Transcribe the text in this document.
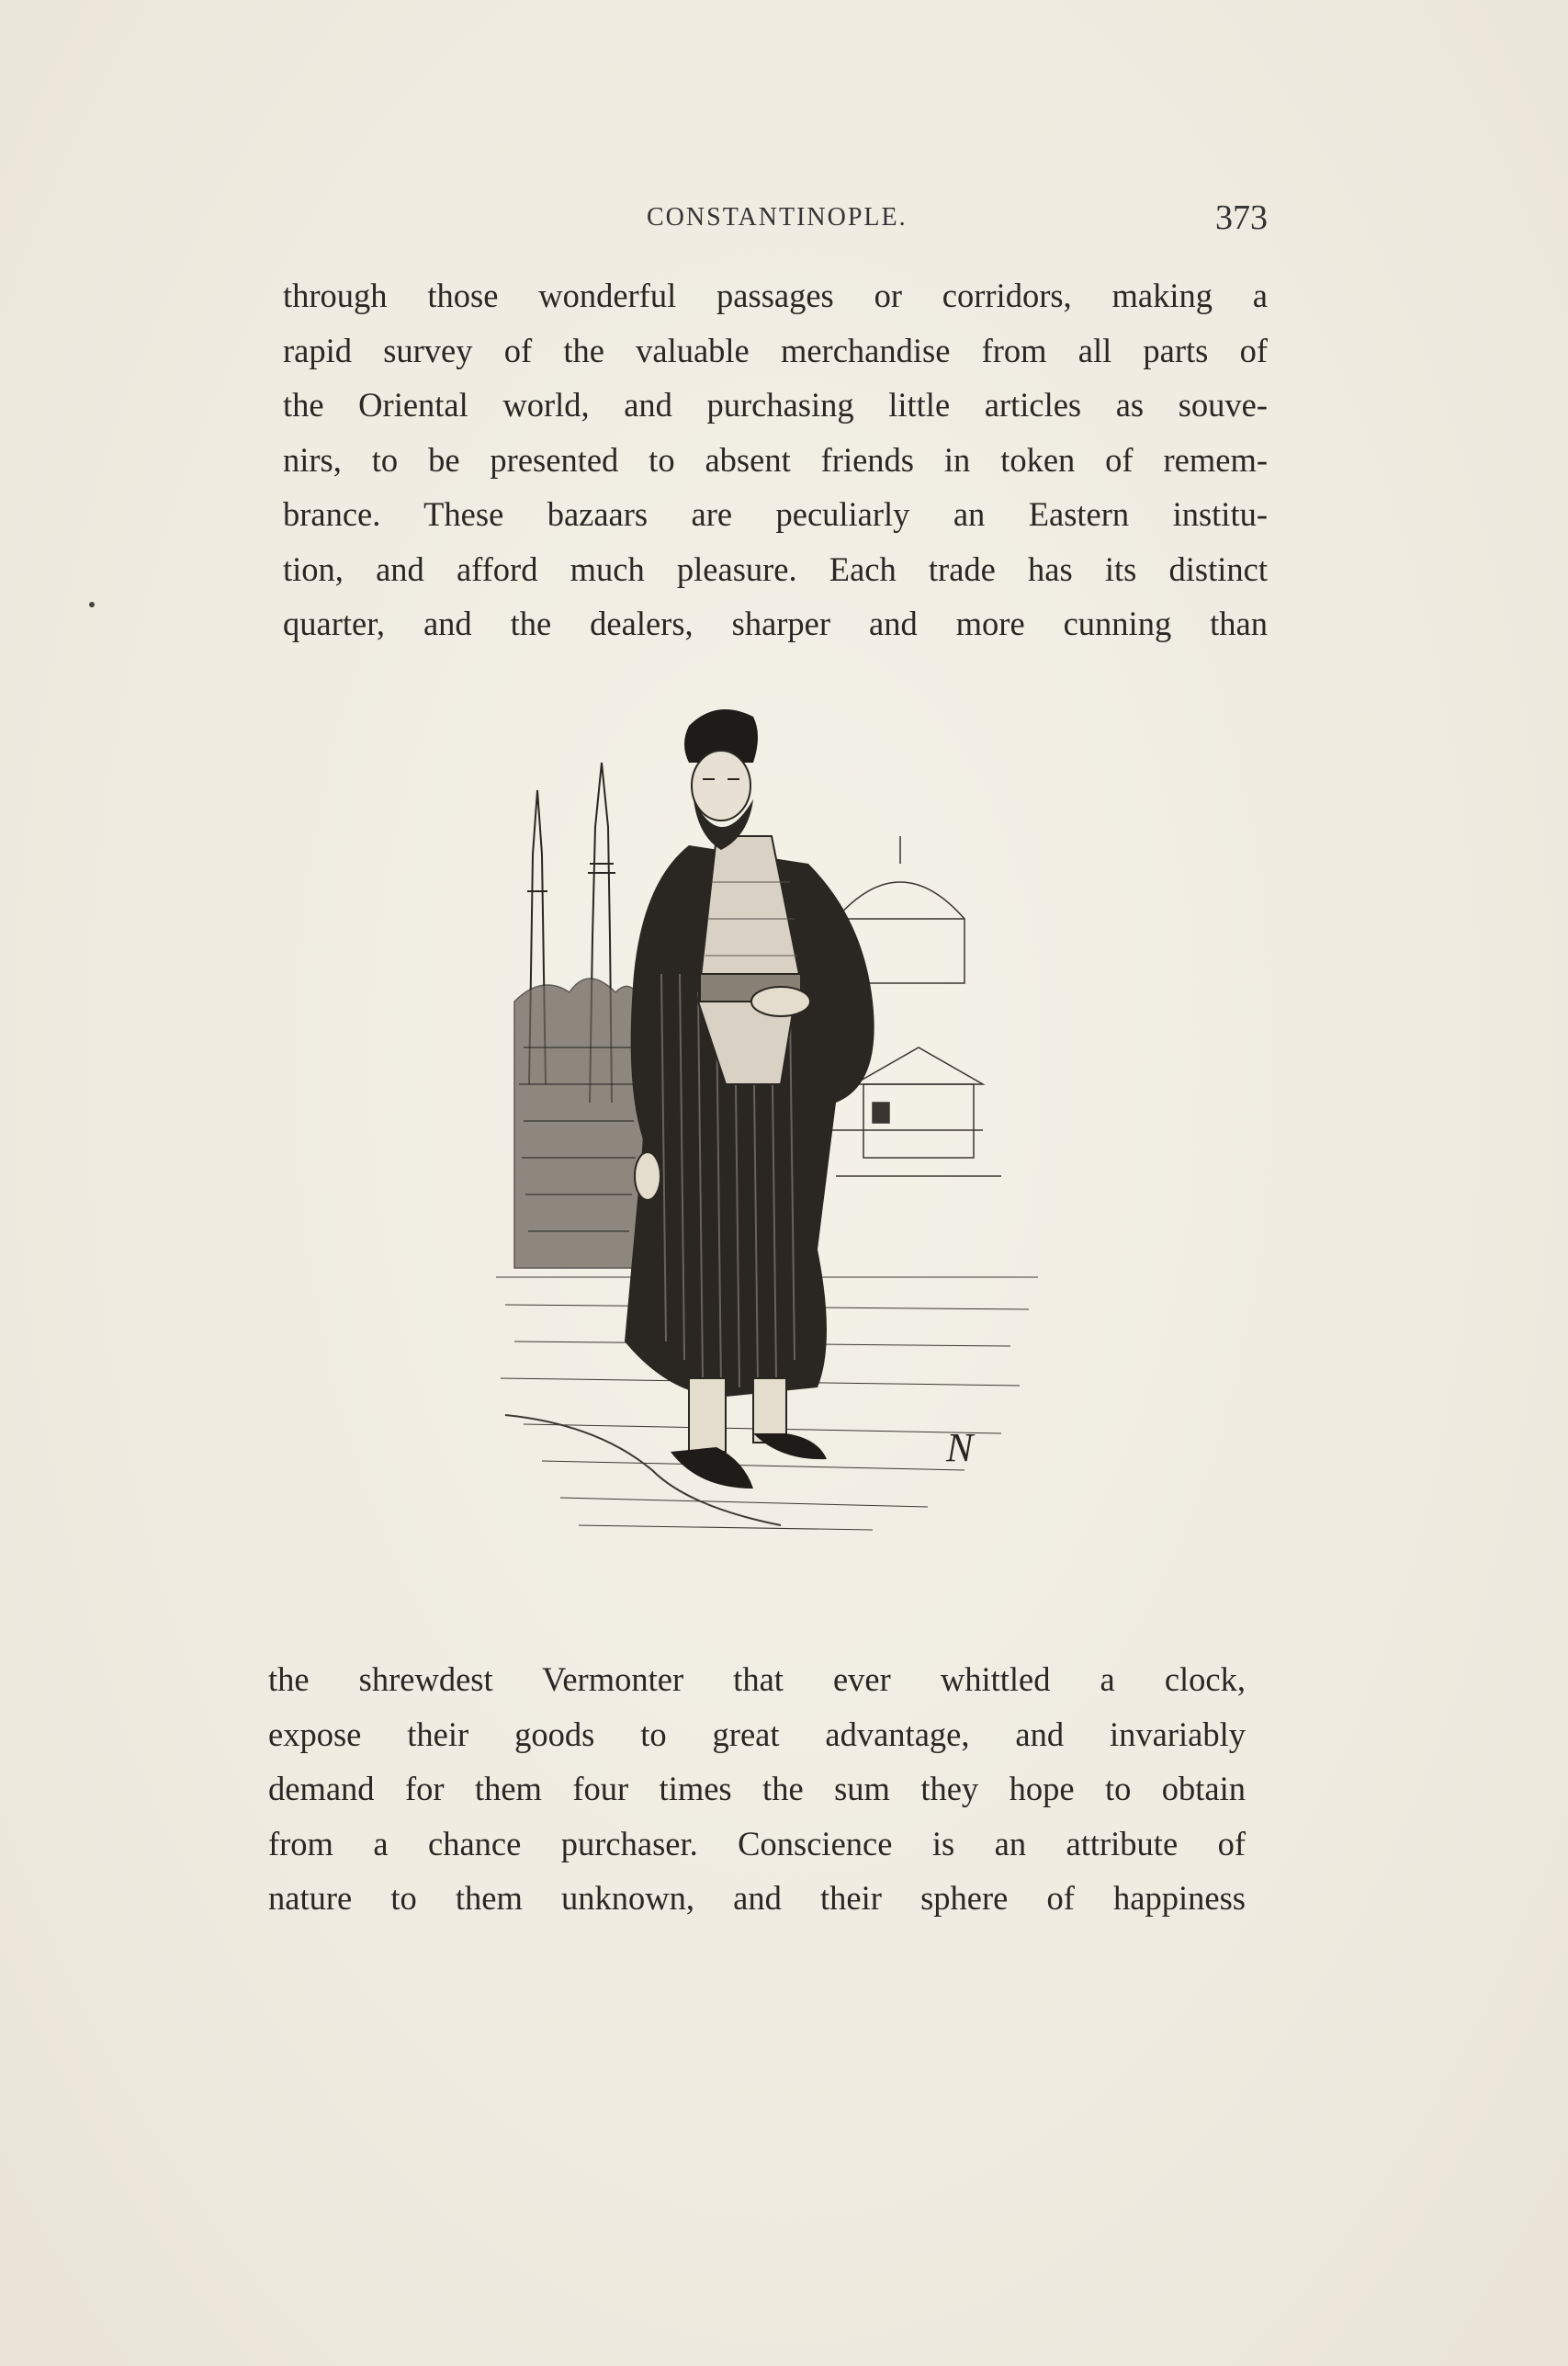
CONSTANTINOPLE.	373
through those wonderful passages or corridors, making a
rapid survey of the valuable merchandise from all parts of
the Oriental world, and purchasing little articles as souve-
nirs, to be presented to absent friends in token of remem-
brance. These bazaars are peculiarly an Eastern institu-
tion, and afford much pleasure. Each trade has its distinct
quarter, and the dealers, sharper and more cunning than
N
the shrewdest Vermonter that ever whittled a clock,
expose their goods to great advantage, and invariably
demand for them four times the sum they hope to obtain
from a chance purchaser. Conscience is an attribute of
nature to them unknown, and their sphere of happiness
